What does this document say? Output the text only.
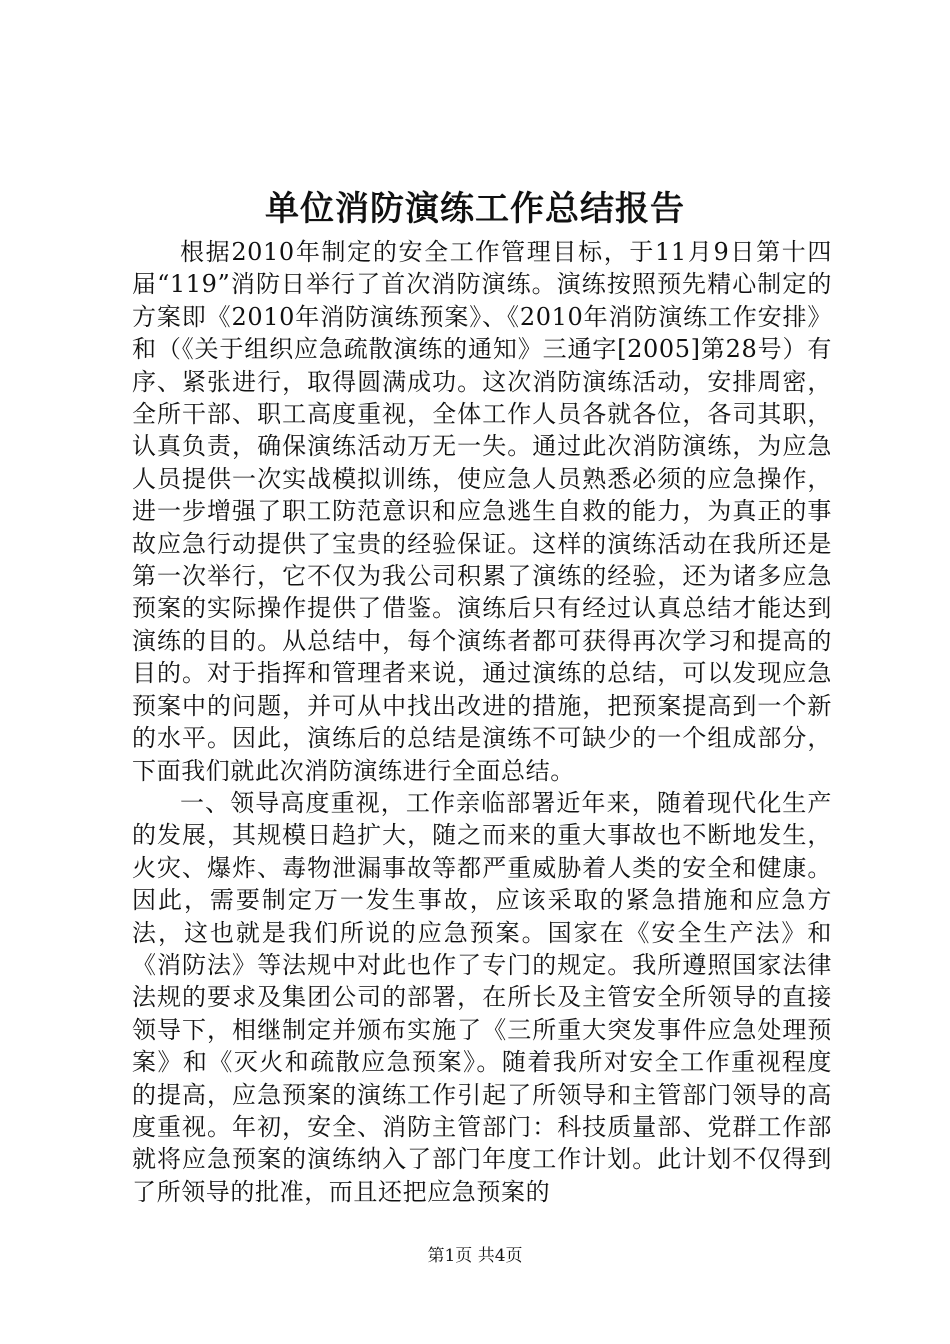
单位消防演练工作总结报告

根据2010年制定的安全工作管理目标，于11月9日第十四届“119”消防日举行了首次消防演练。演练按照预先精心制定的方案即《2010年消防演练预案》、《2010年消防演练工作安排》和（《关于组织应急疏散演练的通知》三通字[2005]第28号）有序、紧张进行，取得圆满成功。这次消防演练活动，安排周密，全所干部、职工高度重视，全体工作人员各就各位，各司其职，认真负责，确保演练活动万无一失。通过此次消防演练，为应急人员提供一次实战模拟训练，使应急人员熟悉必须的应急操作，进一步增强了职工防范意识和应急逃生自救的能力，为真正的事故应急行动提供了宝贵的经验保证。这样的演练活动在我所还是第一次举行，它不仅为我公司积累了演练的经验，还为诸多应急预案的实际操作提供了借鉴。演练后只有经过认真总结才能达到演练的目的。从总结中，每个演练者都可获得再次学习和提高的目的。对于指挥和管理者来说，通过演练的总结，可以发现应急预案中的问题，并可从中找出改进的措施，把预案提高到一个新的水平。因此，演练后的总结是演练不可缺少的一个组成部分，下面我们就此次消防演练进行全面总结。

一、领导高度重视，工作亲临部署近年来，随着现代化生产的发展，其规模日趋扩大，随之而来的重大事故也不断地发生，火灾、爆炸、毒物泄漏事故等都严重威胁着人类的安全和健康。因此，需要制定万一发生事故，应该采取的紧急措施和应急方法，这也就是我们所说的应急预案。国家在《安全生产法》和《消防法》等法规中对此也作了专门的规定。我所遵照国家法律法规的要求及集团公司的部署，在所长及主管安全所领导的直接领导下，相继制定并颁布实施了《三所重大突发事件应急处理预案》和《灭火和疏散应急预案》。随着我所对安全工作重视程度的提高，应急预案的演练工作引起了所领导和主管部门领导的高度重视。年初，安全、消防主管部门：科技质量部、党群工作部就将应急预案的演练纳入了部门年度工作计划。此计划不仅得到了所领导的批准，而且还把应急预案的

第1页 共4页
